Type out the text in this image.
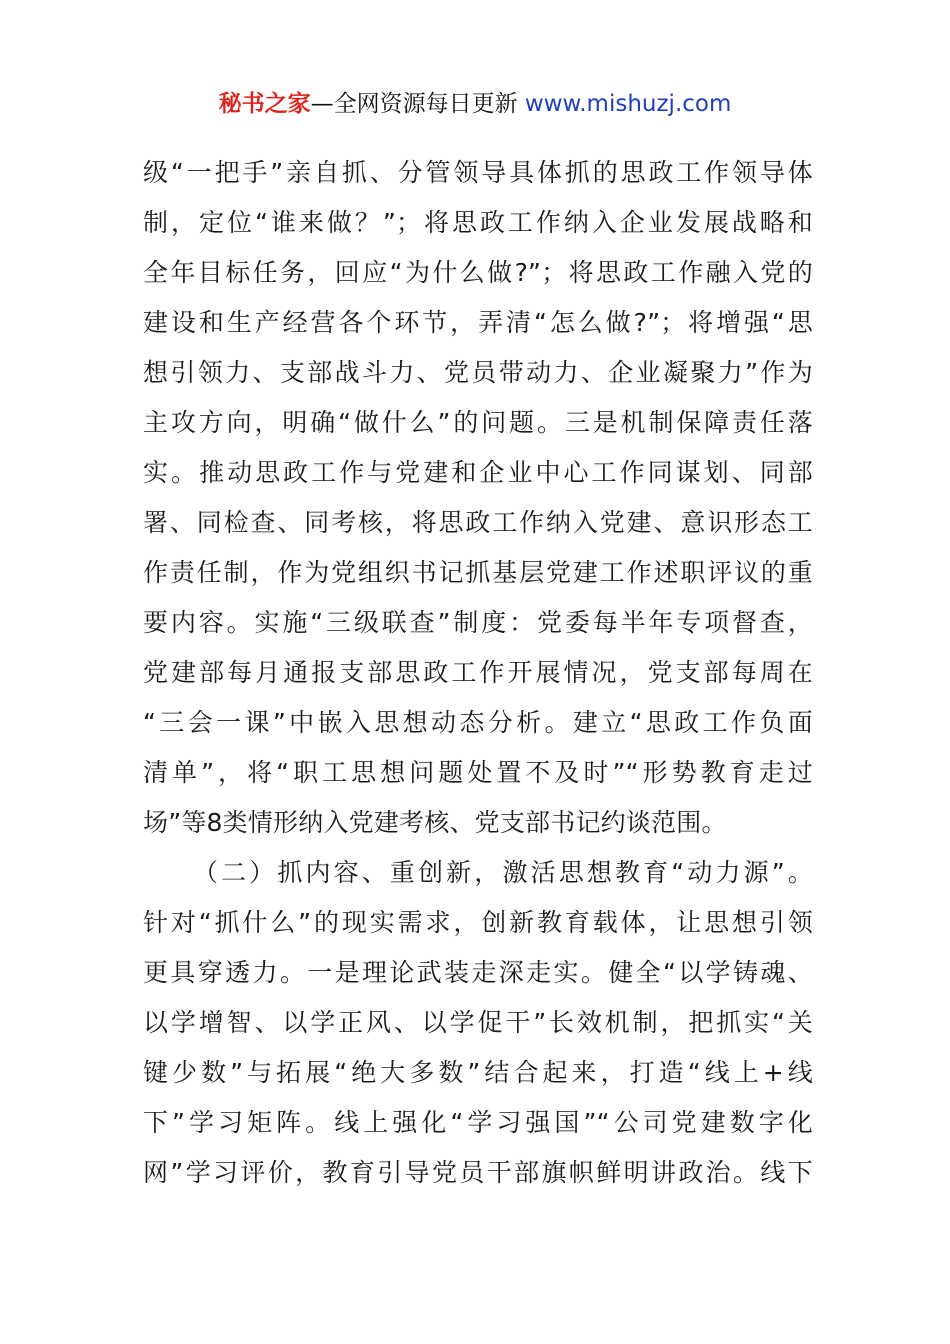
秘书之家—全网资源每日更新 www.mishuzj.com
级“一把手”亲自抓、分管领导具体抓的思政工作领导体
制，定位“谁来做？”；将思政工作纳入企业发展战略和
全年目标任务，回应“为什么做?”；将思政工作融入党的
建设和生产经营各个环节，弄清“怎么做?”；将增强“思
想引领力、支部战斗力、党员带动力、企业凝聚力”作为
主攻方向，明确“做什么”的问题。三是机制保障责任落
实。推动思政工作与党建和企业中心工作同谋划、同部
署、同检查、同考核，将思政工作纳入党建、意识形态工
作责任制，作为党组织书记抓基层党建工作述职评议的重
要内容。实施“三级联查”制度：党委每半年专项督查，
党建部每月通报支部思政工作开展情况，党支部每周在
“三会一课”中嵌入思想动态分析。建立“思政工作负面
清单”，将“职工思想问题处置不及时”“形势教育走过
场”等8类情形纳入党建考核、党支部书记约谈范围。
（二）抓内容、重创新，激活思想教育“动力源”。
针对“抓什么”的现实需求，创新教育载体，让思想引领
更具穿透力。一是理论武装走深走实。健全“以学铸魂、
以学增智、以学正风、以学促干”长效机制，把抓实“关
键少数”与拓展“绝大多数”结合起来，打造“线上+线
下”学习矩阵。线上强化“学习强国”“公司党建数字化
网”学习评价，教育引导党员干部旗帜鲜明讲政治。线下
